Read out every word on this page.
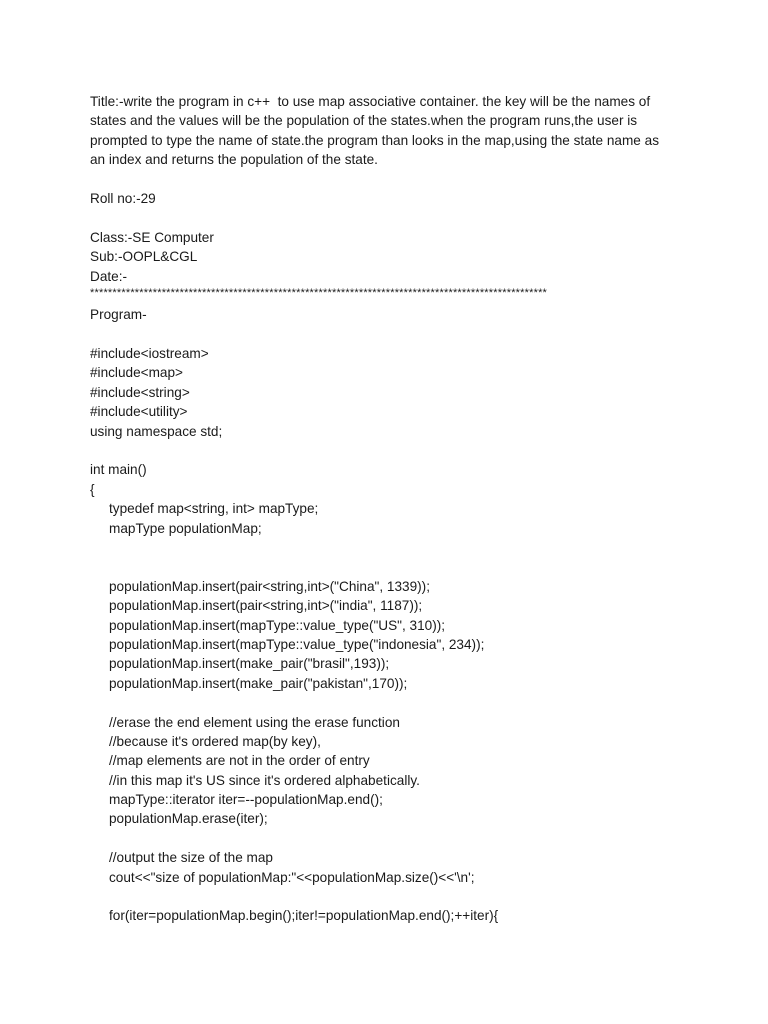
Title:-write the program in c++  to use map associative container. the key will be the names of
states and the values will be the population of the states.when the program runs,the user is
prompted to type the name of state.the program than looks in the map,using the state name as
an index and returns the population of the state.
Roll no:-29
Class:-SE Computer
Sub:-OOPL&CGL
Date:-
******************************************************************************************************
Program-
#include<iostream>
#include<map>
#include<string>
#include<utility>
using namespace std;
int main()
{
typedef map<string, int> mapType;
mapType populationMap;
populationMap.insert(pair<string,int>("China", 1339));
populationMap.insert(pair<string,int>("india", 1187));
populationMap.insert(mapType::value_type("US", 310));
populationMap.insert(mapType::value_type("indonesia", 234));
populationMap.insert(make_pair("brasil",193));
populationMap.insert(make_pair("pakistan",170));
//erase the end element using the erase function
//because it's ordered map(by key),
//map elements are not in the order of entry
//in this map it's US since it's ordered alphabetically.
mapType::iterator iter=--populationMap.end();
populationMap.erase(iter);
//output the size of the map
cout<<"size of populationMap:"<<populationMap.size()<<'\n';
for(iter=populationMap.begin();iter!=populationMap.end();++iter){
